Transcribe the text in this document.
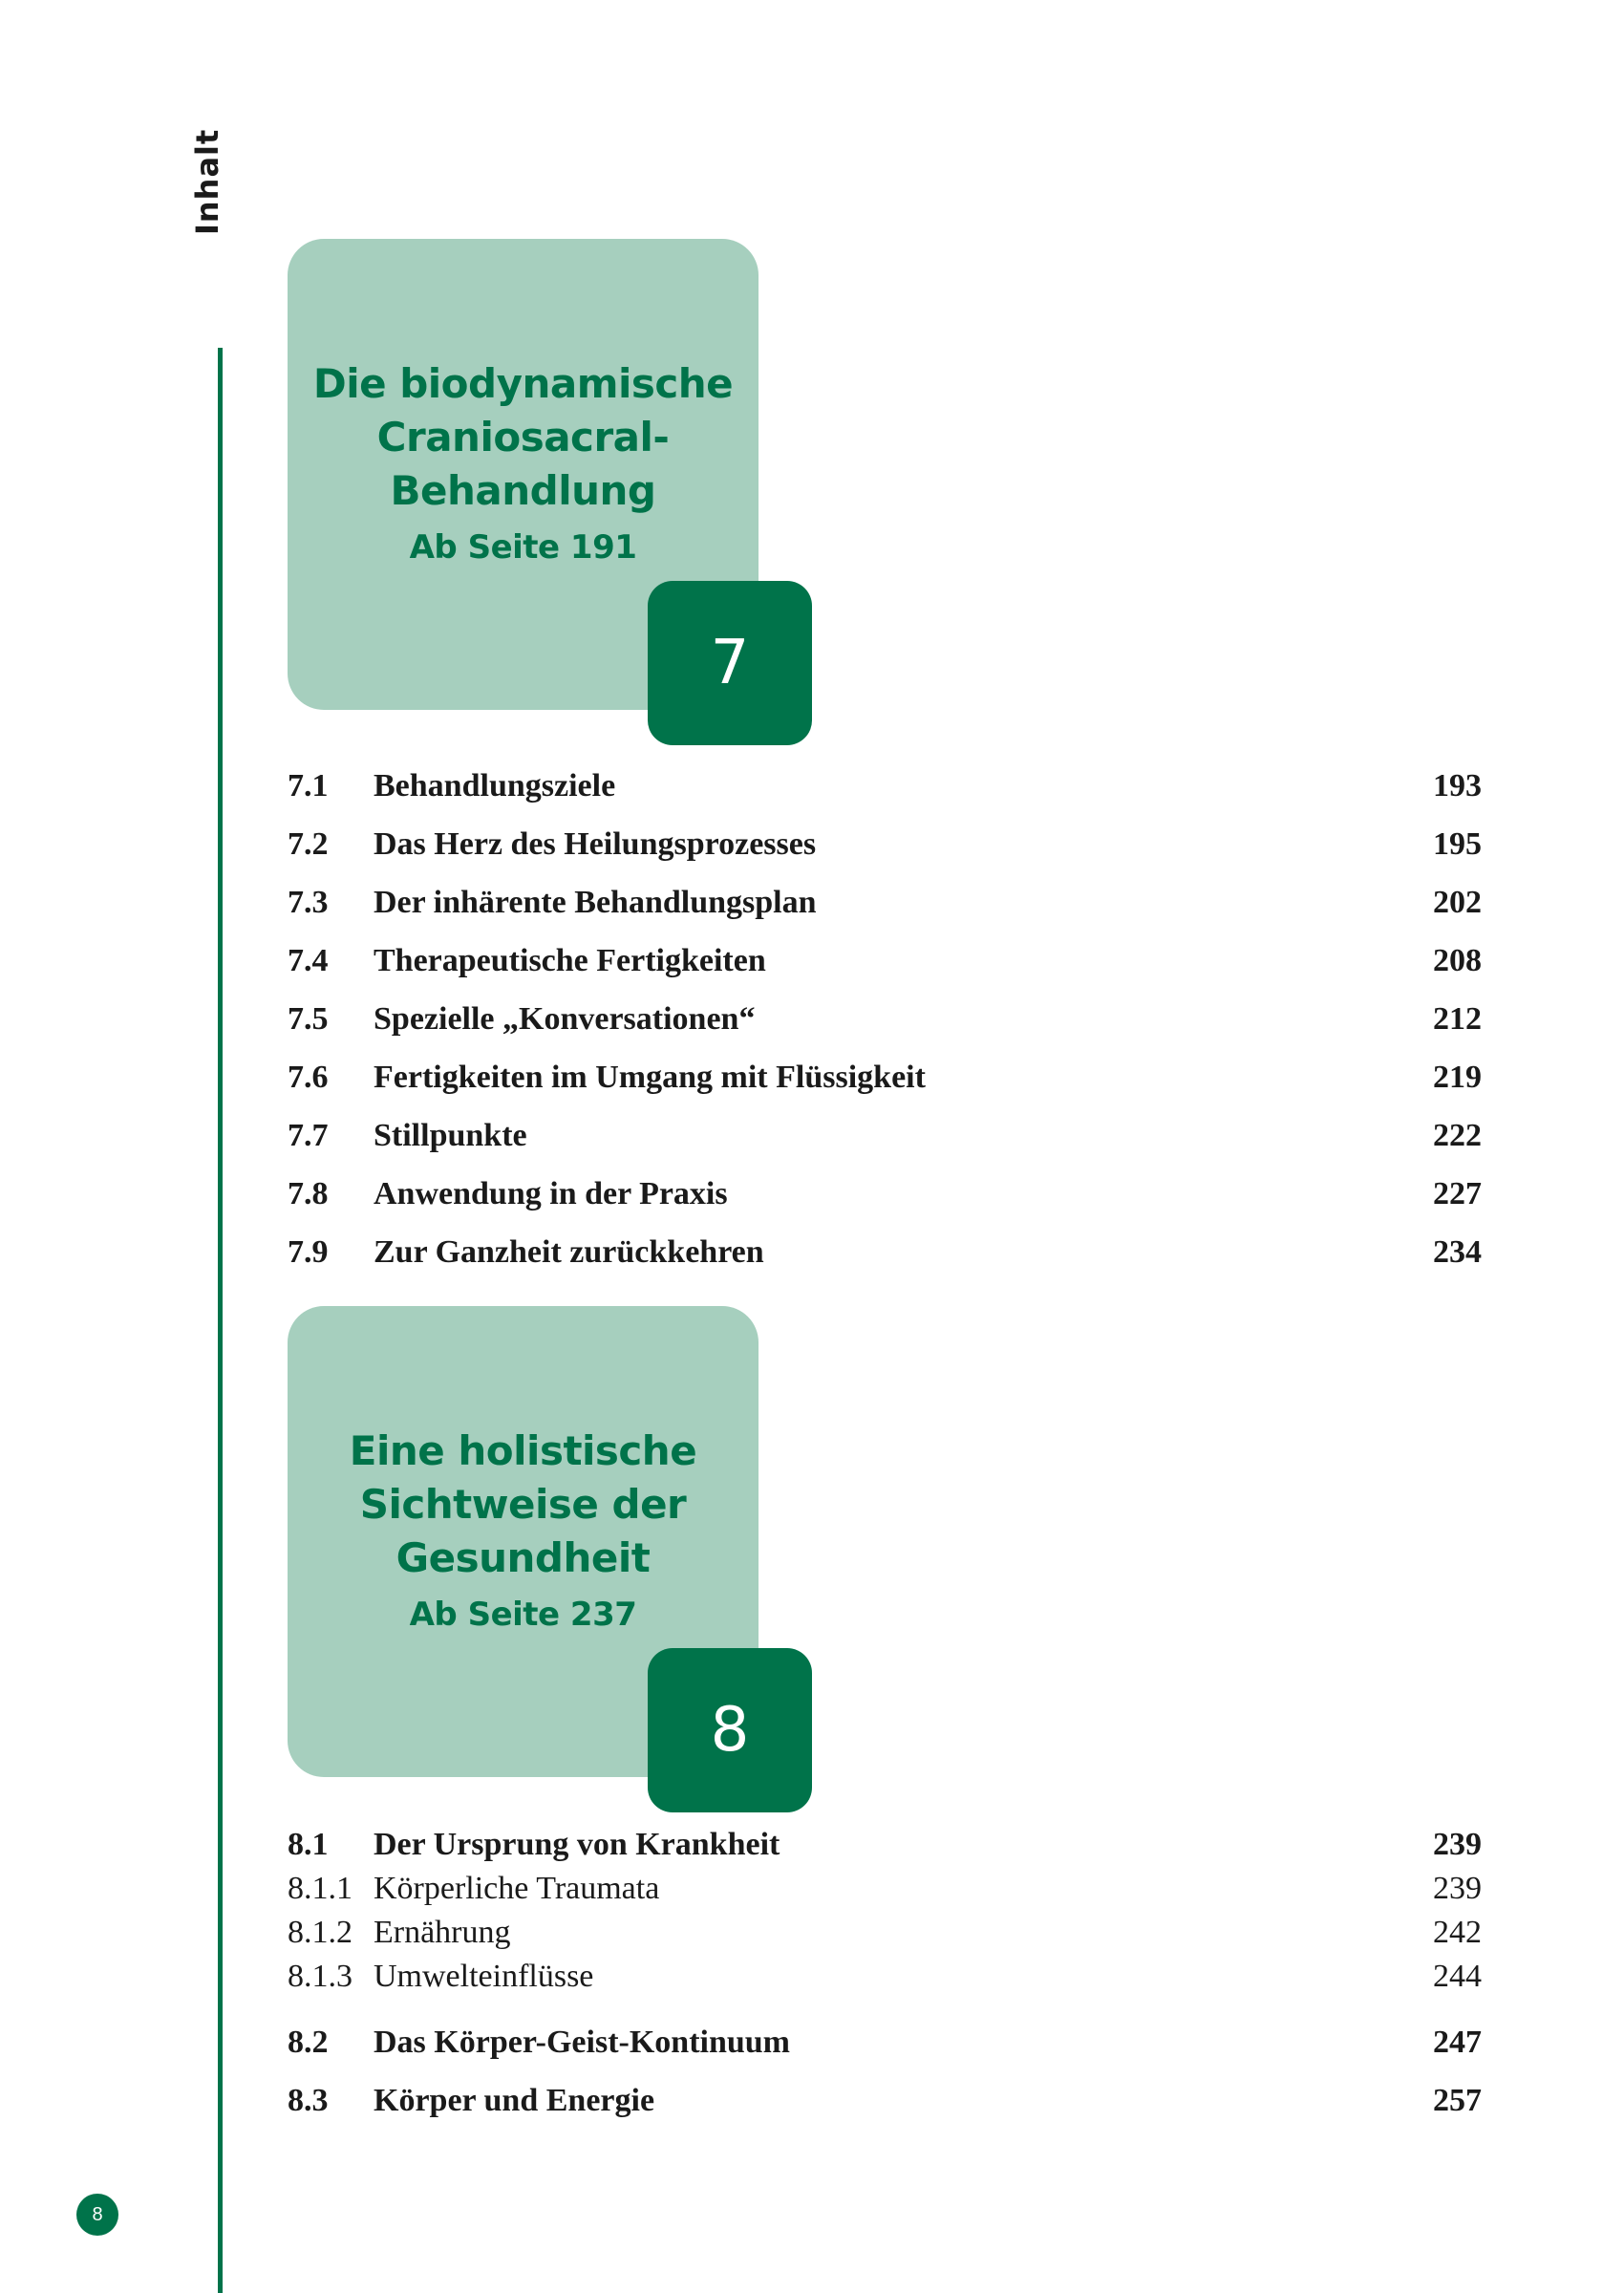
Inhalt
Die biodynamische
Craniosacral-
Behandlung
Ab Seite 191
7
7.1 Behandlungsziele	193
7.2 Das Herz des Heilungsprozesses	195
7.3 Der inhärente Behandlungsplan	202
7.4 Therapeutische Fertigkeiten	208
7.5 Spezielle „Konversationen“	212
7.6 Fertigkeiten im Umgang mit Flüssigkeit	219
7.7 Stillpunkte	222
7.8 Anwendung in der Praxis	227
7.9 Zur Ganzheit zurückkehren	234
Eine holistische
Sichtweise der
Gesundheit
Ab Seite 237
8
8.1 Der Ursprung von Krankheit	239
8.1.1 Körperliche Traumata	239
8.1.2 Ernährung	242
8.1.3 Umwelteinflüsse	244
8.2 Das Körper-Geist-Kontinuum	247
8.3 Körper und Energie	257
8
